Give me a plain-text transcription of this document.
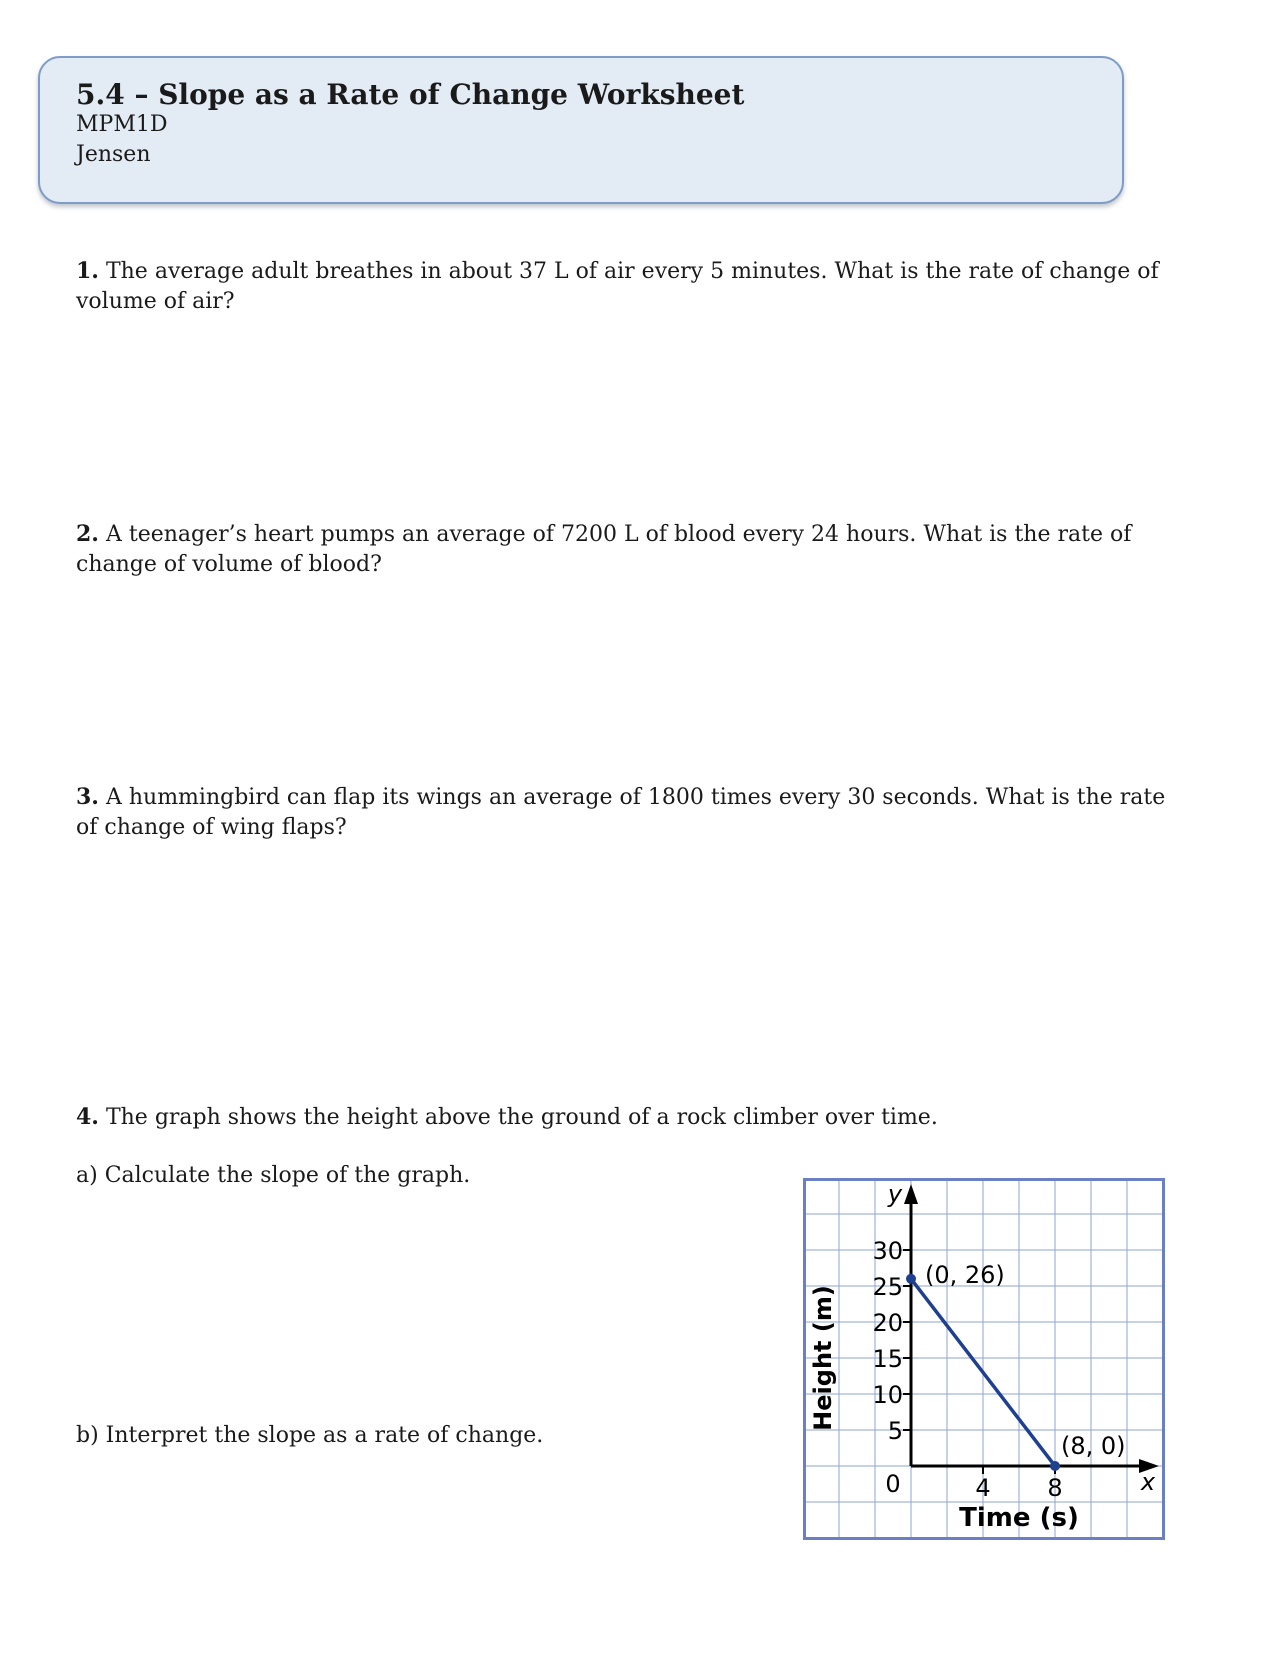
5.4 – Slope as a Rate of Change Worksheet
MPM1D
Jensen
1. The average adult breathes in about 37 L of air every 5 minutes. What is the rate of change of volume of air?
2. A teenager’s heart pumps an average of 7200 L of blood every 24 hours. What is the rate of change of volume of blood?
3. A hummingbird can flap its wings an average of 1800 times every 30 seconds. What is the rate of change of wing flaps?
4. The graph shows the height above the ground of a rock climber over time.
a) Calculate the slope of the graph.
b) Interpret the slope as a rate of change.
y
x
5
10
15
20
25
30
4 8
0
Time (s)
Height (m)
(0, 26)
(8, 0)
